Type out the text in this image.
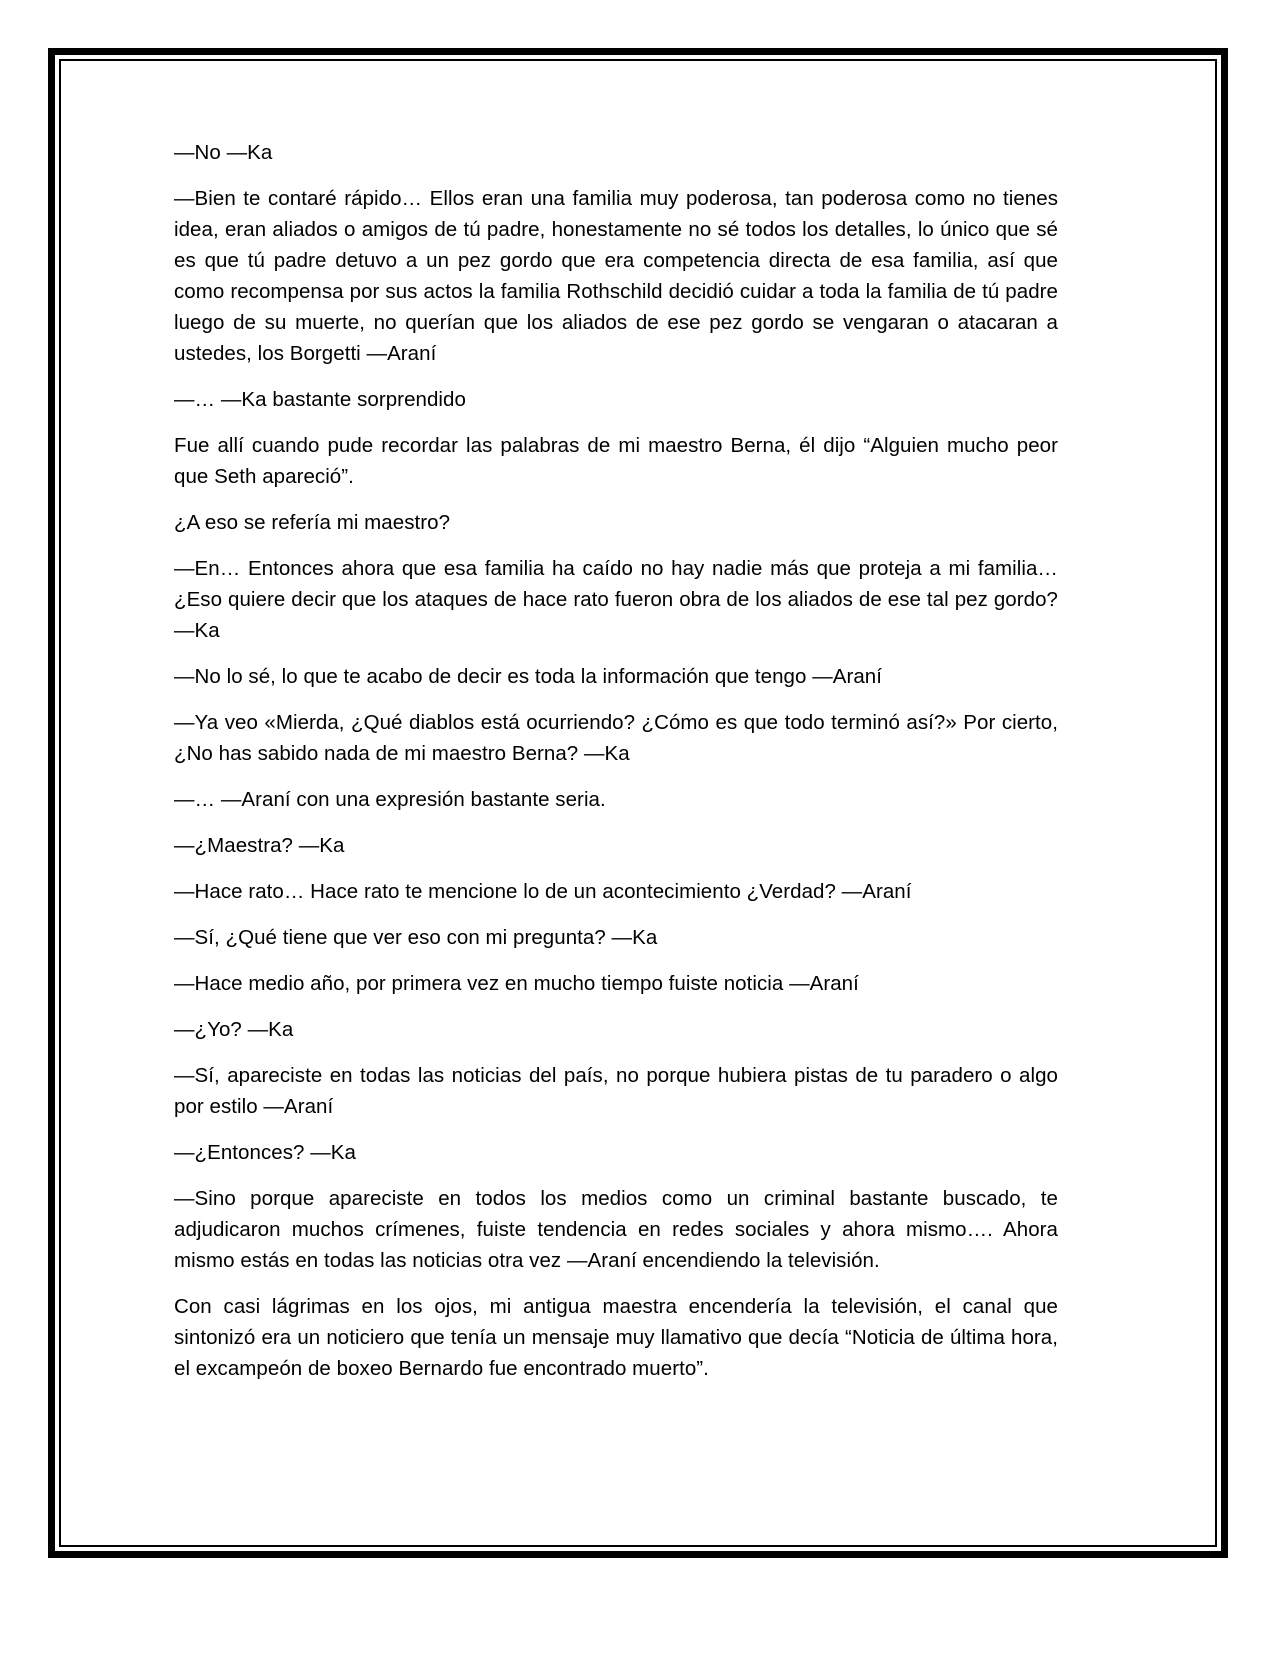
—No —Ka

—Bien te contaré rápido… Ellos eran una familia muy poderosa, tan poderosa como no tienes idea, eran aliados o amigos de tú padre, honestamente no sé todos los detalles, lo único que sé es que tú padre detuvo a un pez gordo que era competencia directa de esa familia, así que como recompensa por sus actos la familia Rothschild decidió cuidar a toda la familia de tú padre luego de su muerte, no querían que los aliados de ese pez gordo se vengaran o atacaran a ustedes, los Borgetti —Araní

—… —Ka bastante sorprendido

Fue allí cuando pude recordar las palabras de mi maestro Berna, él dijo “Alguien mucho peor que Seth apareció”.

¿A eso se refería mi maestro?

—En… Entonces ahora que esa familia ha caído no hay nadie más que proteja a mi familia… ¿Eso quiere decir que los ataques de hace rato fueron obra de los aliados de ese tal pez gordo? —Ka

—No lo sé, lo que te acabo de decir es toda la información que tengo —Araní

—Ya veo «Mierda, ¿Qué diablos está ocurriendo? ¿Cómo es que todo terminó así?» Por cierto, ¿No has sabido nada de mi maestro Berna? —Ka

—… —Araní con una expresión bastante seria.

—¿Maestra? —Ka

—Hace rato… Hace rato te mencione lo de un acontecimiento ¿Verdad? —Araní

—Sí, ¿Qué tiene que ver eso con mi pregunta? —Ka

—Hace medio año, por primera vez en mucho tiempo fuiste noticia —Araní

—¿Yo? —Ka

—Sí, apareciste en todas las noticias del país, no porque hubiera pistas de tu paradero o algo por estilo —Araní

—¿Entonces? —Ka

—Sino porque apareciste en todos los medios como un criminal bastante buscado, te adjudicaron muchos crímenes, fuiste tendencia en redes sociales y ahora mismo…. Ahora mismo estás en todas las noticias otra vez —Araní encendiendo la televisión.

Con casi lágrimas en los ojos, mi antigua maestra encendería la televisión, el canal que sintonizó era un noticiero que tenía un mensaje muy llamativo que decía “Noticia de última hora, el excampeón de boxeo Bernardo fue encontrado muerto”.
